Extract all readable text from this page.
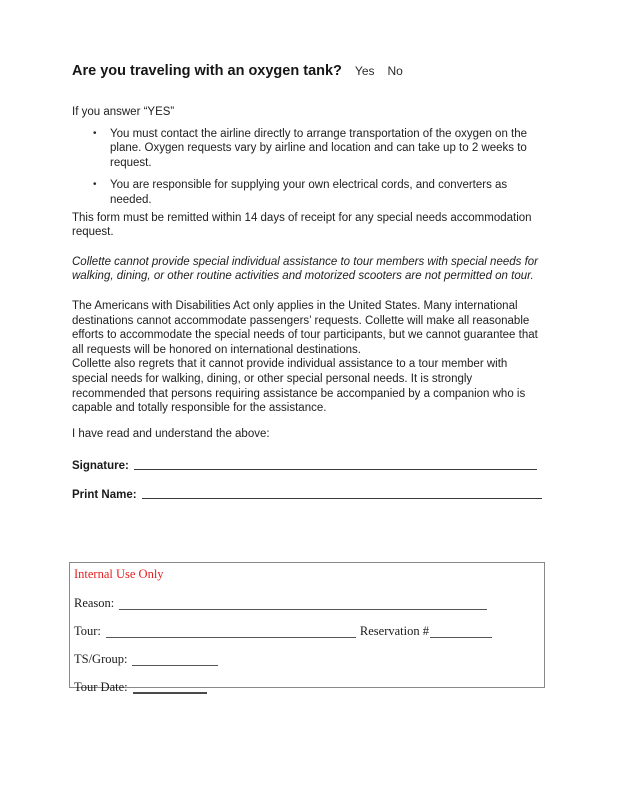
Are you traveling with an oxygen tank? Yes No

If you answer “YES”

• You must contact the airline directly to arrange transportation of the oxygen on the plane. Oxygen requests vary by airline and location and can take up to 2 weeks to request.
• You are responsible for supplying your own electrical cords, and converters as needed.

This form must be remitted within 14 days of receipt for any special needs accommodation request.

Collette cannot provide special individual assistance to tour members with special needs for walking, dining, or other routine activities and motorized scooters are not permitted on tour.

The Americans with Disabilities Act only applies in the United States. Many international destinations cannot accommodate passengers’ requests. Collette will make all reasonable efforts to accommodate the special needs of tour participants, but we cannot guarantee that all requests will be honored on international destinations.

Collette also regrets that it cannot provide individual assistance to a tour member with special needs for walking, dining, or other special personal needs. It is strongly recommended that persons requiring assistance be accompanied by a companion who is capable and totally responsible for the assistance.

I have read and understand the above:

Signature:
Print Name:
Internal Use Only
Reason:
Tour:	Reservation #
TS/Group:
Tour Date:
